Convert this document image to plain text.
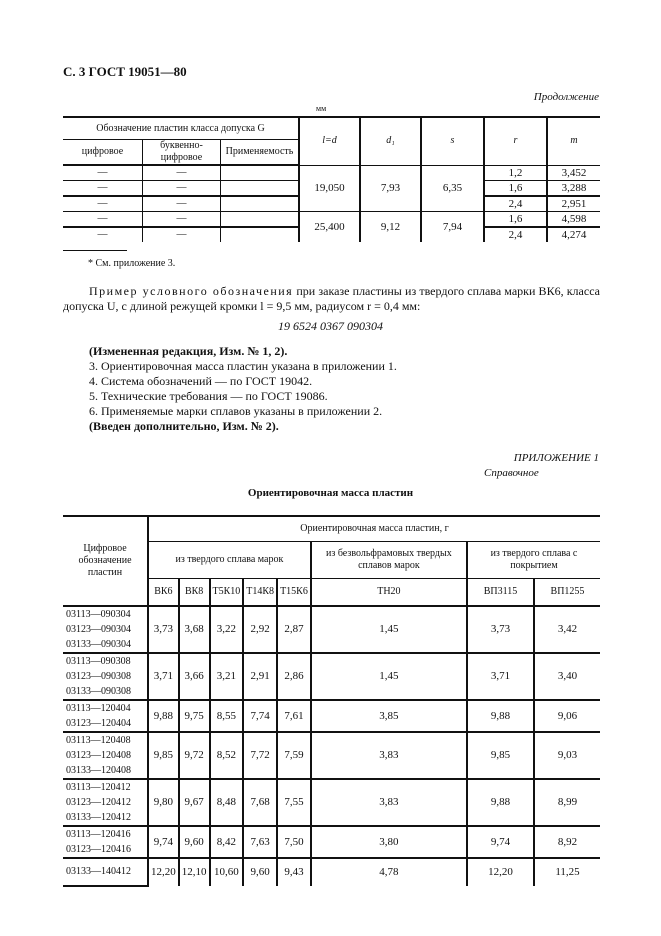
С. 3 ГОСТ 19051—80
Продолжение
мм
Обозначение пластин класса допуска G			l=d	d₁	s	r	m
цифровое	буквенно-цифровое	Применяемость					
—	—		19,050	7,93	6,35	1,2	3,452
—	—					1,6	3,288
—	—					2,4	2,951
—	—		25,400	9,12	7,94	1,6	4,598
—	—					2,4	4,274
* См. приложение 3.
Пример условного обозначения при заказе пластины из твердого сплава марки ВК6, класса допуска U, с длиной режущей кромки l = 9,5 мм, радиусом r = 0,4 мм:
19 6524 0367 090304
(Измененная редакция, Изм. № 1, 2).
3. Ориентировочная масса пластин указана в приложении 1.
4. Система обозначений — по ГОСТ 19042.
5. Технические требования — по ГОСТ 19086.
6. Применяемые марки сплавов указаны в приложении 2.
(Введен дополнительно, Изм. № 2).
ПРИЛОЖЕНИЕ 1
Справочное
Ориентировочная масса пластин
Цифровое обозначение пластин	Ориентировочная масса пластин, г							
	из твердого сплава марок					из безвольфрамовых твердых сплавов марок	из твердого сплава с покрытием	
	ВК6	ВК8	Т5К10	Т14К8	Т15К6	ТН20	ВП3115	ВП1255

03113—090304
03123—090304
03133—090304	3,73	3,68	3,22	2,92	2,87	1,45	3,73	3,42

03113—090308
03123—090308
03133—090308	3,71	3,66	3,21	2,91	2,86	1,45	3,71	3,40

03113—120404
03123—120404	9,88	9,75	8,55	7,74	7,61	3,85	9,88	9,06

03113—120408
03123—120408
03133—120408	9,85	9,72	8,52	7,72	7,59	3,83	9,85	9,03

03113—120412
03123—120412
03133—120412	9,80	9,67	8,48	7,68	7,55	3,83	9,88	8,99

03113—120416
03123—120416	9,74	9,60	8,42	7,63	7,50	3,80	9,74	8,92

03133—140412	12,20	12,10	10,60	9,60	9,43	4,78	12,20	11,25
